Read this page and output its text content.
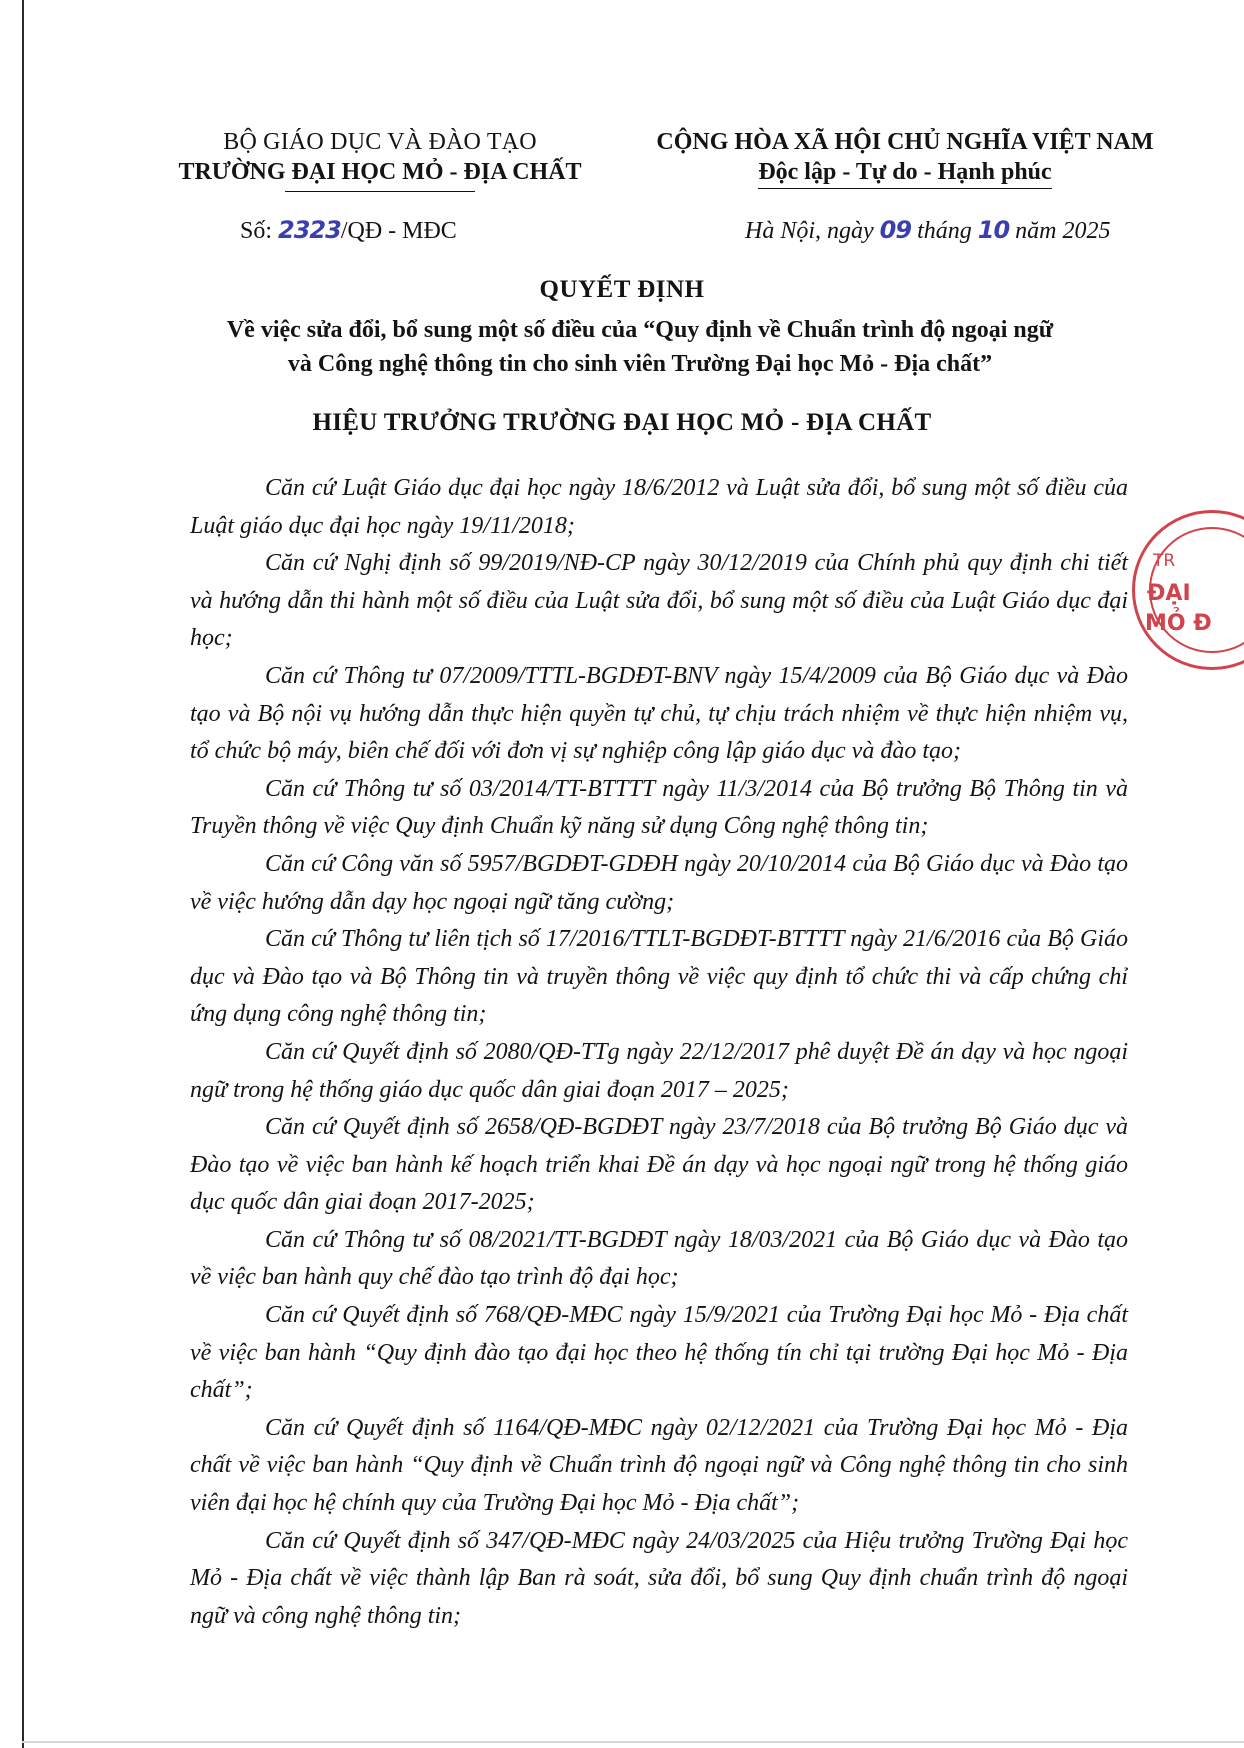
BỘ GIÁO DỤC VÀ ĐÀO TẠO
TRƯỜNG ĐẠI HỌC MỎ - ĐỊA CHẤT
CỘNG HÒA XÃ HỘI CHỦ NGHĨA VIỆT NAM
Độc lập - Tự do - Hạnh phúc
Số: 2323/QĐ - MĐC	Hà Nội, ngày 09 tháng 10 năm 2025
QUYẾT ĐỊNH
Về việc sửa đổi, bổ sung một số điều của “Quy định về Chuẩn trình độ ngoại ngữ
và Công nghệ thông tin cho sinh viên Trường Đại học Mỏ - Địa chất”
HIỆU TRƯỞNG TRƯỜNG ĐẠI HỌC MỎ - ĐỊA CHẤT

Căn cứ Luật Giáo dục đại học ngày 18/6/2012 và Luật sửa đổi, bổ sung một số điều của Luật giáo dục đại học ngày 19/11/2018;

Căn cứ Nghị định số 99/2019/NĐ-CP ngày 30/12/2019 của Chính phủ quy định chi tiết và hướng dẫn thi hành một số điều của Luật sửa đổi, bổ sung một số điều của Luật Giáo dục đại học;

Căn cứ Thông tư 07/2009/TTTL-BGDĐT-BNV ngày 15/4/2009 của Bộ Giáo dục và Đào tạo và Bộ nội vụ hướng dẫn thực hiện quyền tự chủ, tự chịu trách nhiệm về thực hiện nhiệm vụ, tổ chức bộ máy, biên chế đối với đơn vị sự nghiệp công lập giáo dục và đào tạo;

Căn cứ Thông tư số 03/2014/TT-BTTTT ngày 11/3/2014 của Bộ trưởng Bộ Thông tin và Truyền thông về việc Quy định Chuẩn kỹ năng sử dụng Công nghệ thông tin;

Căn cứ Công văn số 5957/BGDĐT-GDĐH ngày 20/10/2014 của Bộ Giáo dục và Đào tạo về việc hướng dẫn dạy học ngoại ngữ tăng cường;

Căn cứ Thông tư liên tịch số 17/2016/TTLT-BGDĐT-BTTTT ngày 21/6/2016 của Bộ Giáo dục và Đào tạo và Bộ Thông tin và truyền thông về việc quy định tổ chức thi và cấp chứng chỉ ứng dụng công nghệ thông tin;

Căn cứ Quyết định số 2080/QĐ-TTg ngày 22/12/2017 phê duyệt Đề án dạy và học ngoại ngữ trong hệ thống giáo dục quốc dân giai đoạn 2017 – 2025;

Căn cứ Quyết định số 2658/QĐ-BGDĐT ngày 23/7/2018 của Bộ trưởng Bộ Giáo dục và Đào tạo về việc ban hành kế hoạch triển khai Đề án dạy và học ngoại ngữ trong hệ thống giáo dục quốc dân giai đoạn 2017-2025;

Căn cứ Thông tư số 08/2021/TT-BGDĐT ngày 18/03/2021 của Bộ Giáo dục và Đào tạo về việc ban hành quy chế đào tạo trình độ đại học;

Căn cứ Quyết định số 768/QĐ-MĐC ngày 15/9/2021 của Trường Đại học Mỏ - Địa chất về việc ban hành “Quy định đào tạo đại học theo hệ thống tín chỉ tại trường Đại học Mỏ - Địa chất”;

Căn cứ Quyết định số 1164/QĐ-MĐC ngày 02/12/2021 của Trường Đại học Mỏ - Địa chất về việc ban hành “Quy định về Chuẩn trình độ ngoại ngữ và Công nghệ thông tin cho sinh viên đại học hệ chính quy của Trường Đại học Mỏ - Địa chất”;

Căn cứ Quyết định số 347/QĐ-MĐC ngày 24/03/2025 của Hiệu trưởng Trường Đại học Mỏ - Địa chất về việc thành lập Ban rà soát, sửa đổi, bổ sung Quy định chuẩn trình độ ngoại ngữ và công nghệ thông tin;

TR
ĐẠI
MỎ Đ
